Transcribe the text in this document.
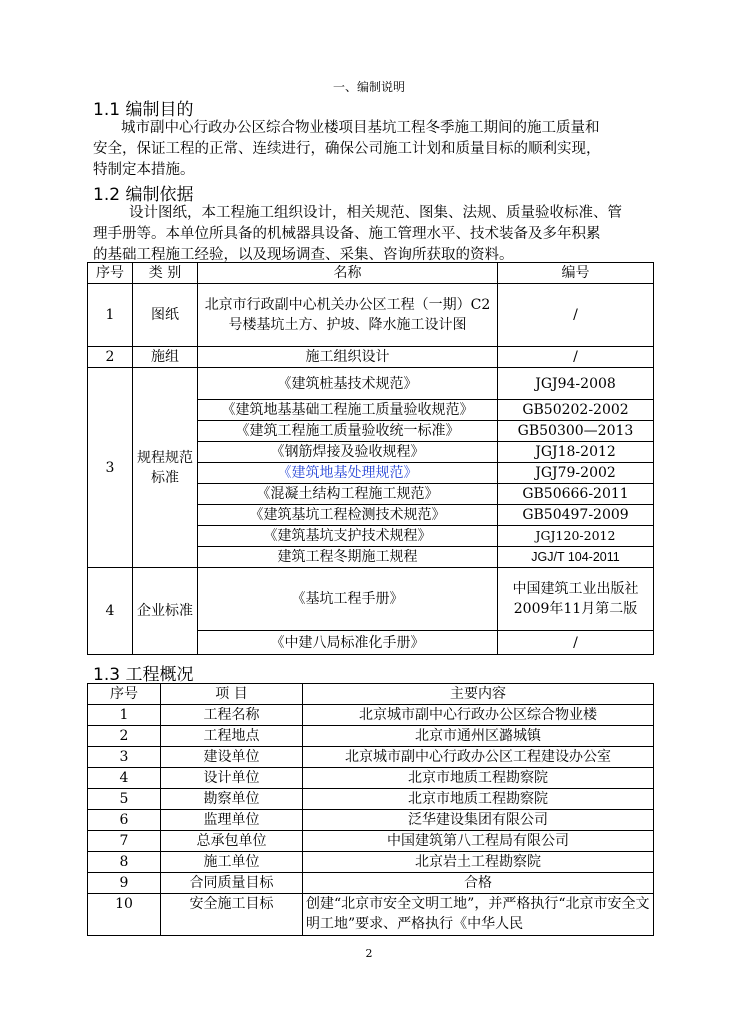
一、编制说明
1.1 编制目的
城市副中心行政办公区综合物业楼项目基坑工程冬季施工期间的施工质量和
安全，保证工程的正常、连续进行，确保公司施工计划和质量目标的顺利实现，
特制定本措施。
1.2 编制依据
设计图纸，本工程施工组织设计，相关规范、图集、法规、质量验收标准、管
理手册等。本单位所具备的机械器具设备、施工管理水平、技术装备及多年积累
的基础工程施工经验，以及现场调查、采集、咨询所获取的资料。
序号	类 别	名称	编号
1	图纸	北京市行政副中心机关办公区工程（一期）C2号楼基坑土方、护坡、降水施工设计图	/
2	施组	施工组织设计	/
3	规程规范标准	《建筑桩基技术规范》	JGJ94-2008
		《建筑地基基础工程施工质量验收规范》	GB50202-2002
		《建筑工程施工质量验收统一标准》	GB50300—2013
		《钢筋焊接及验收规程》	JGJ18-2012
		《建筑地基处理规范》	JGJ79-2002
		《混凝土结构工程施工规范》	GB50666-2011
		《建筑基坑工程检测技术规范》	GB50497-2009
		《建筑基坑支护技术规程》	JGJ120-2012
		建筑工程冬期施工规程	JGJ/T 104-2011
4	企业标准	《基坑工程手册》	中国建筑工业出版社2009年11月第二版
		《中建八局标准化手册》	/
1.3 工程概况
序号	项 目	主要内容
1	工程名称	北京城市副中心行政办公区综合物业楼
2	工程地点	北京市通州区潞城镇
3	建设单位	北京城市副中心行政办公区工程建设办公室
4	设计单位	北京市地质工程勘察院
5	勘察单位	北京市地质工程勘察院
6	监理单位	泛华建设集团有限公司
7	总承包单位	中国建筑第八工程局有限公司
8	施工单位	北京岩土工程勘察院
9	合同质量目标	合格
10	安全施工目标	创建“北京市安全文明工地”，并严格执行“北京市安全文明工地”要求、严格执行《中华人民
2
